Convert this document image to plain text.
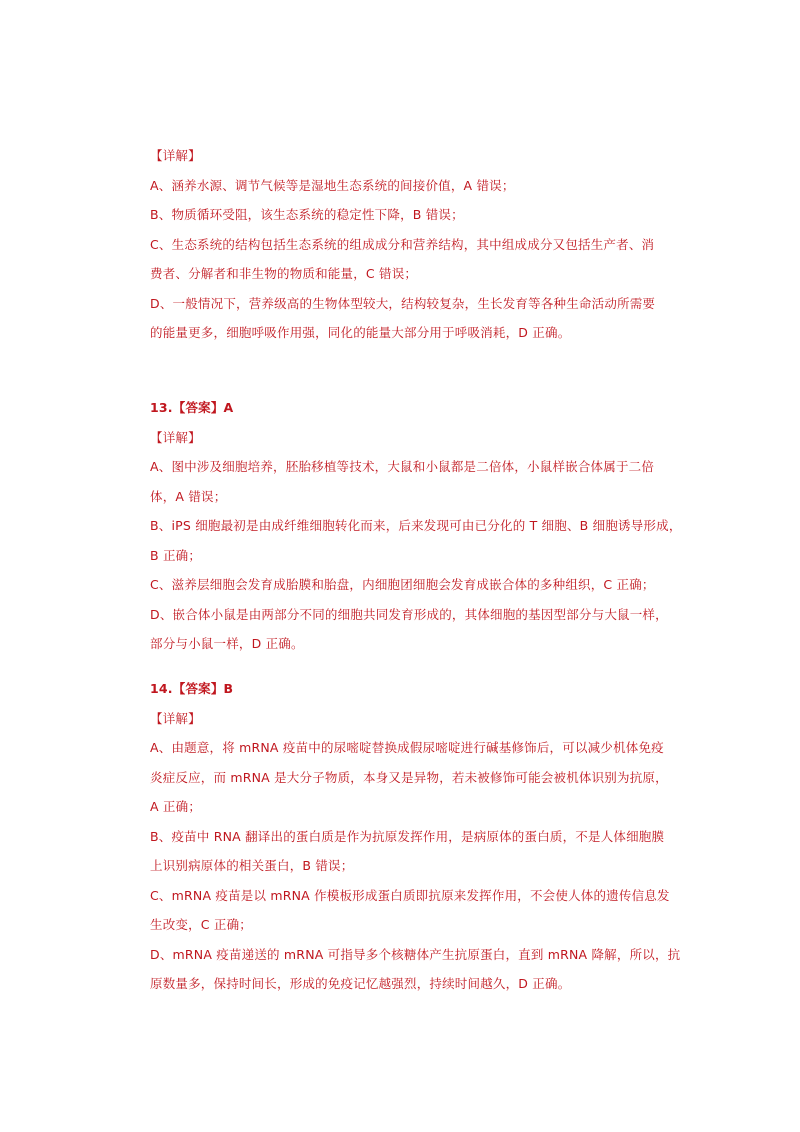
【详解】

A、涵养水源、调节气候等是湿地生态系统的间接价值，A 错误；

B、物质循环受阻，该生态系统的稳定性下降，B 错误；

C、生态系统的结构包括生态系统的组成成分和营养结构，其中组成成分又包括生产者、消

费者、分解者和非生物的物质和能量，C 错误；

D、一般情况下，营养级高的生物体型较大，结构较复杂，生长发育等各种生命活动所需要

的能量更多，细胞呼吸作用强，同化的能量大部分用于呼吸消耗，D 正确。

13.【答案】A

【详解】

A、图中涉及细胞培养，胚胎移植等技术，大鼠和小鼠都是二倍体，小鼠样嵌合体属于二倍

体，A 错误；

B、iPS 细胞最初是由成纤维细胞转化而来，后来发现可由已分化的 T 细胞、B 细胞诱导形成，

B 正确；

C、滋养层细胞会发育成胎膜和胎盘，内细胞团细胞会发育成嵌合体的多种组织，C 正确；

D、嵌合体小鼠是由两部分不同的细胞共同发育形成的，其体细胞的基因型部分与大鼠一样，

部分与小鼠一样，D 正确。

14.【答案】B

【详解】

A、由题意，将 mRNA 疫苗中的尿嘧啶替换成假尿嘧啶进行碱基修饰后，可以减少机体免疫

炎症反应，而 mRNA 是大分子物质，本身又是异物，若未被修饰可能会被机体识别为抗原，

A 正确；

B、疫苗中 RNA 翻译出的蛋白质是作为抗原发挥作用，是病原体的蛋白质，不是人体细胞膜

上识别病原体的相关蛋白，B 错误；

C、mRNA 疫苗是以 mRNA 作模板形成蛋白质即抗原来发挥作用，不会使人体的遗传信息发

生改变，C 正确；

D、mRNA 疫苗递送的 mRNA 可指导多个核糖体产生抗原蛋白，直到 mRNA 降解，所以，抗

原数量多，保持时间长，形成的免疫记忆越强烈，持续时间越久，D 正确。
